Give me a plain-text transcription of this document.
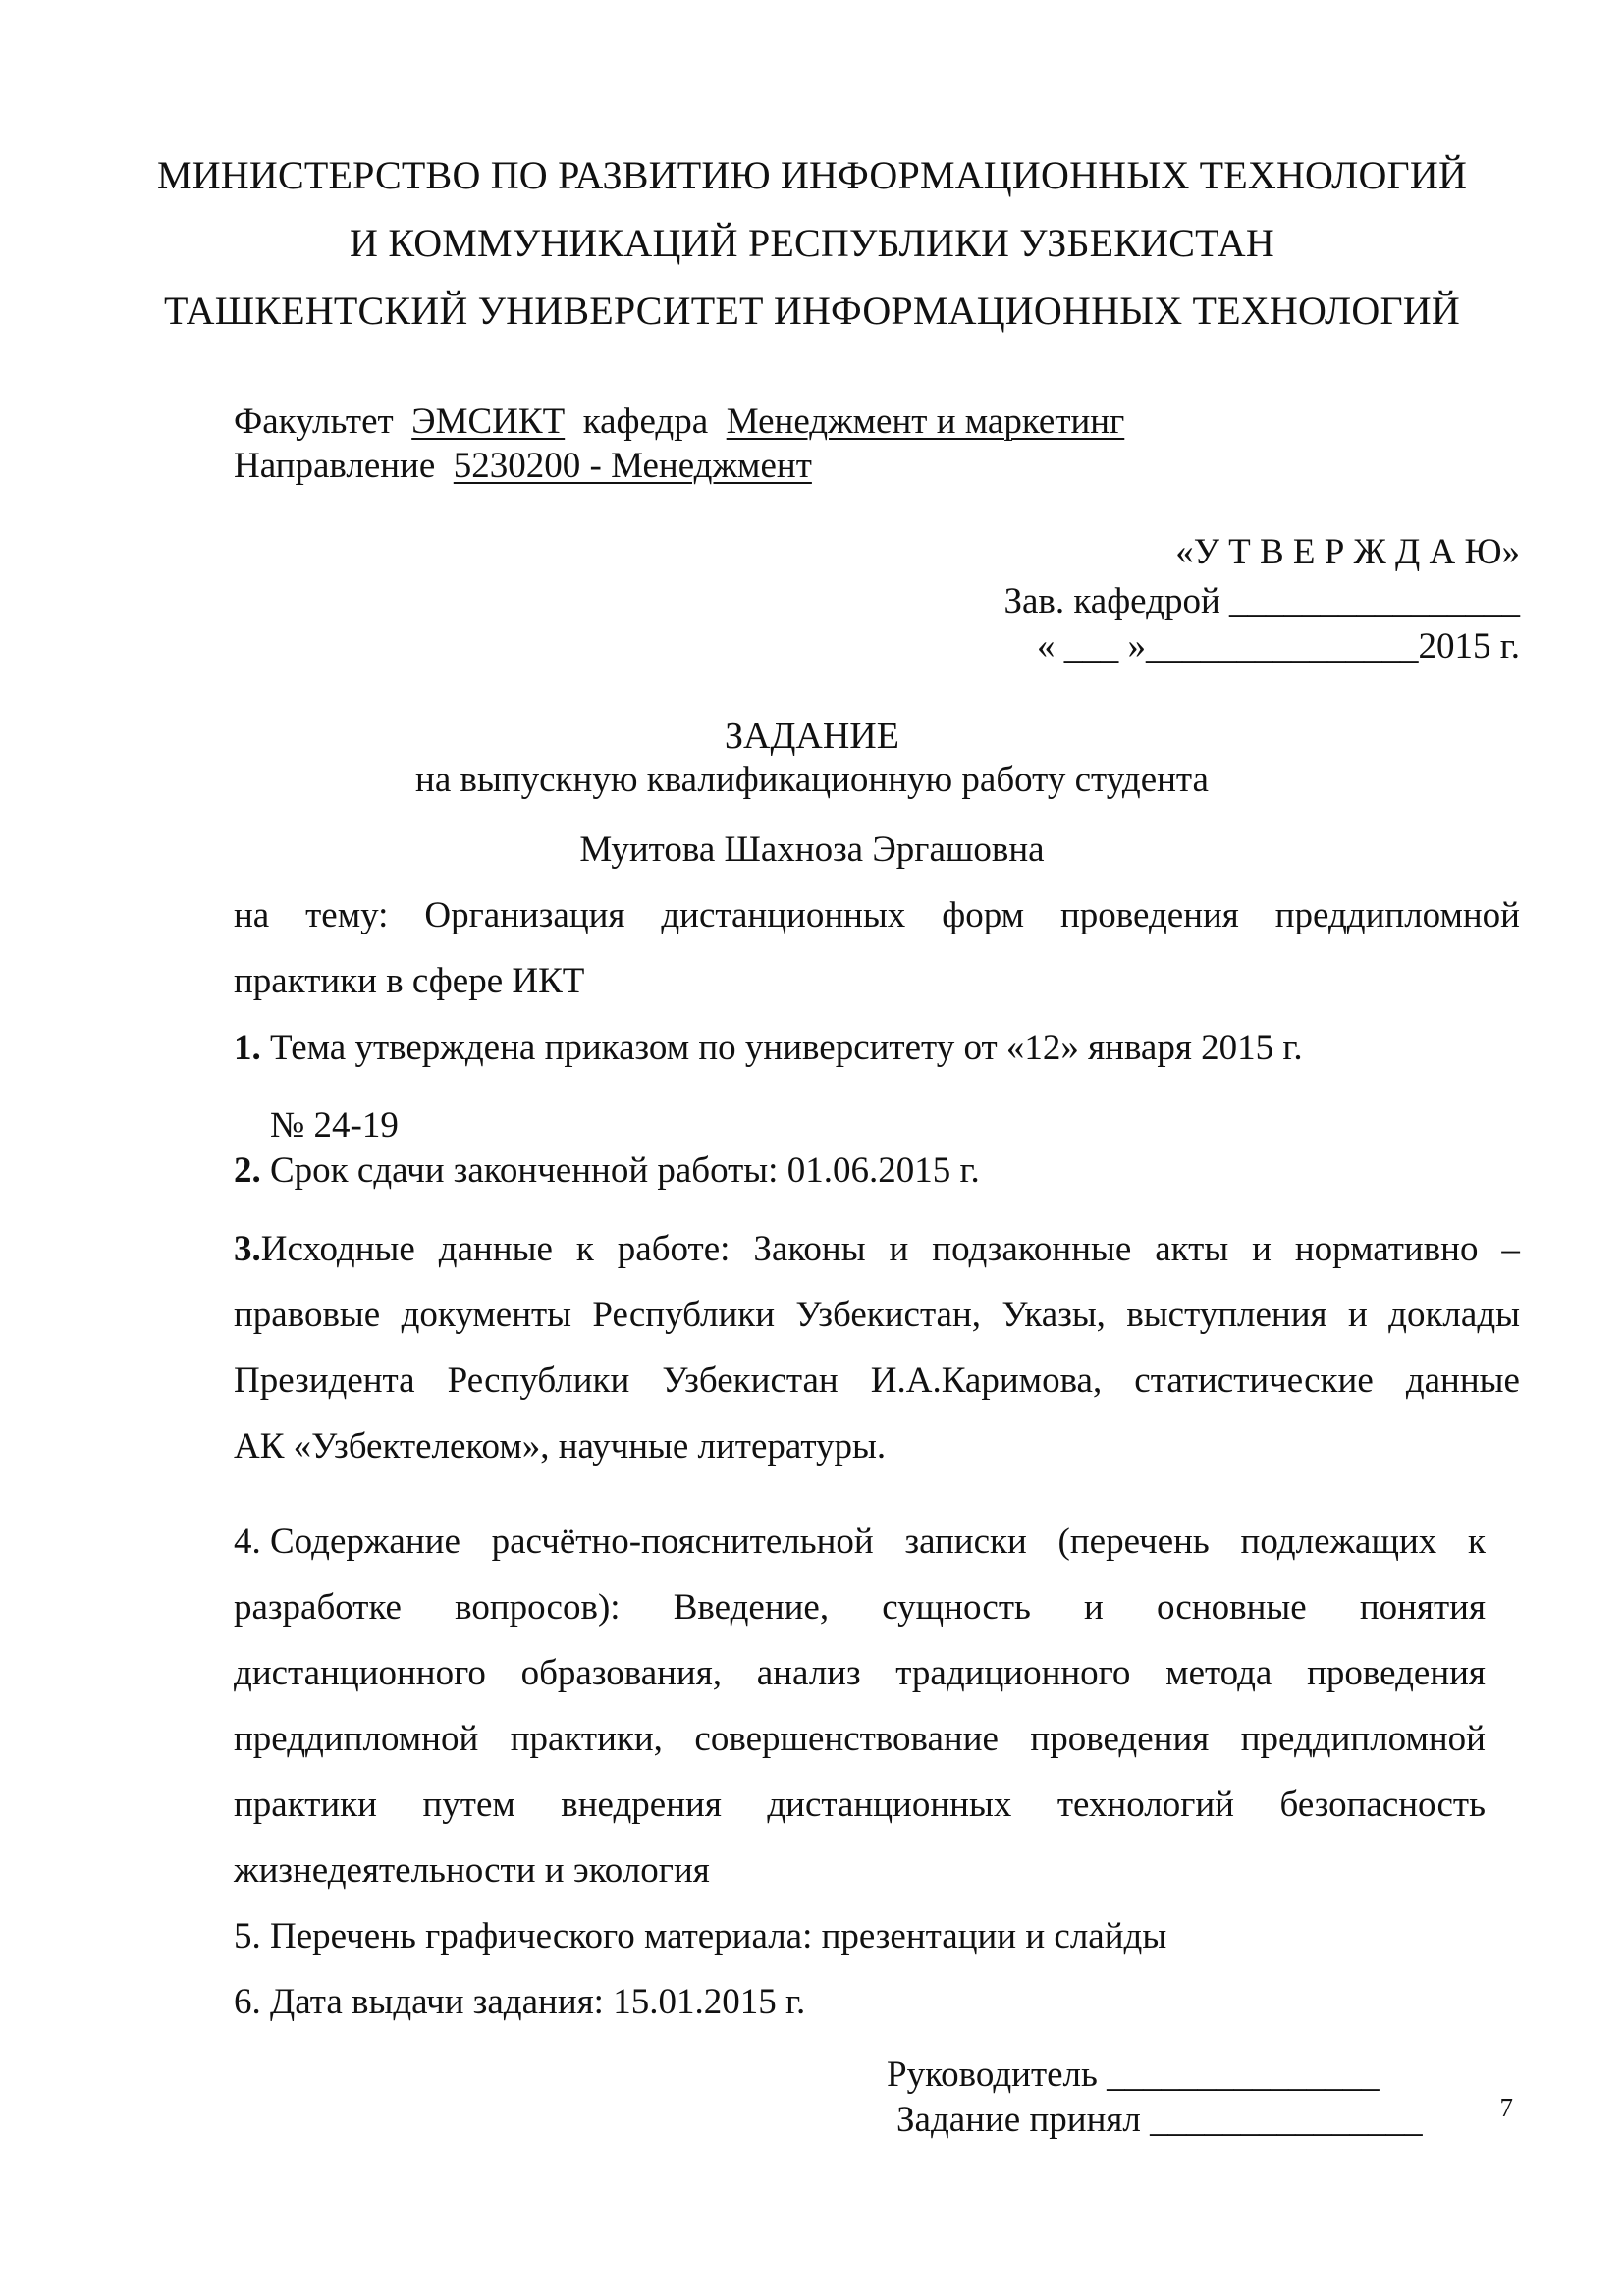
МИНИСТЕРСТВО ПО РАЗВИТИЮ ИНФОРМАЦИОННЫХ ТЕХНОЛОГИЙ
И КОММУНИКАЦИЙ РЕСПУБЛИКИ УЗБЕКИСТАН
ТАШКЕНТСКИЙ УНИВЕРСИТЕТ ИНФОРМАЦИОННЫХ ТЕХНОЛОГИЙ
Факультет ЭМСИКТ кафедра Менеджмент и маркетинг
Направление 5230200 - Менеджмент
«У Т В Е Р Ж Д А Ю»
Зав. кафедрой ________________
« ___ »_______________2015 г.
ЗАДАНИЕ
на выпускную квалификационную работу студента
Муитова Шахноза Эргашовна
на тему: Организация дистанционных форм проведения преддипломной
практики в сфере ИКТ
1. Тема утверждена приказом по университету от «12» января 2015 г.
№ 24-19
2. Срок сдачи законченной работы: 01.06.2015 г.
3.Исходные данные к работе: Законы и подзаконные акты и нормативно –
правовые документы Республики Узбекистан, Указы, выступления и доклады
Президента Республики Узбекистан И.А.Каримова, статистические данные
АК «Узбектелеком», научные литературы.
4. Содержание расчётно-пояснительной записки (перечень подлежащих к
разработке вопросов): Введение, сущность и основные понятия
дистанционного образования, анализ традиционного метода проведения
преддипломной практики, совершенствование проведения преддипломной
практики путем внедрения дистанционных технологий безопасность
жизнедеятельности и экология
5. Перечень графического материала: презентации и слайды
6. Дата выдачи задания: 15.01.2015 г.
Руководитель _______________
Задание принял _______________	7
